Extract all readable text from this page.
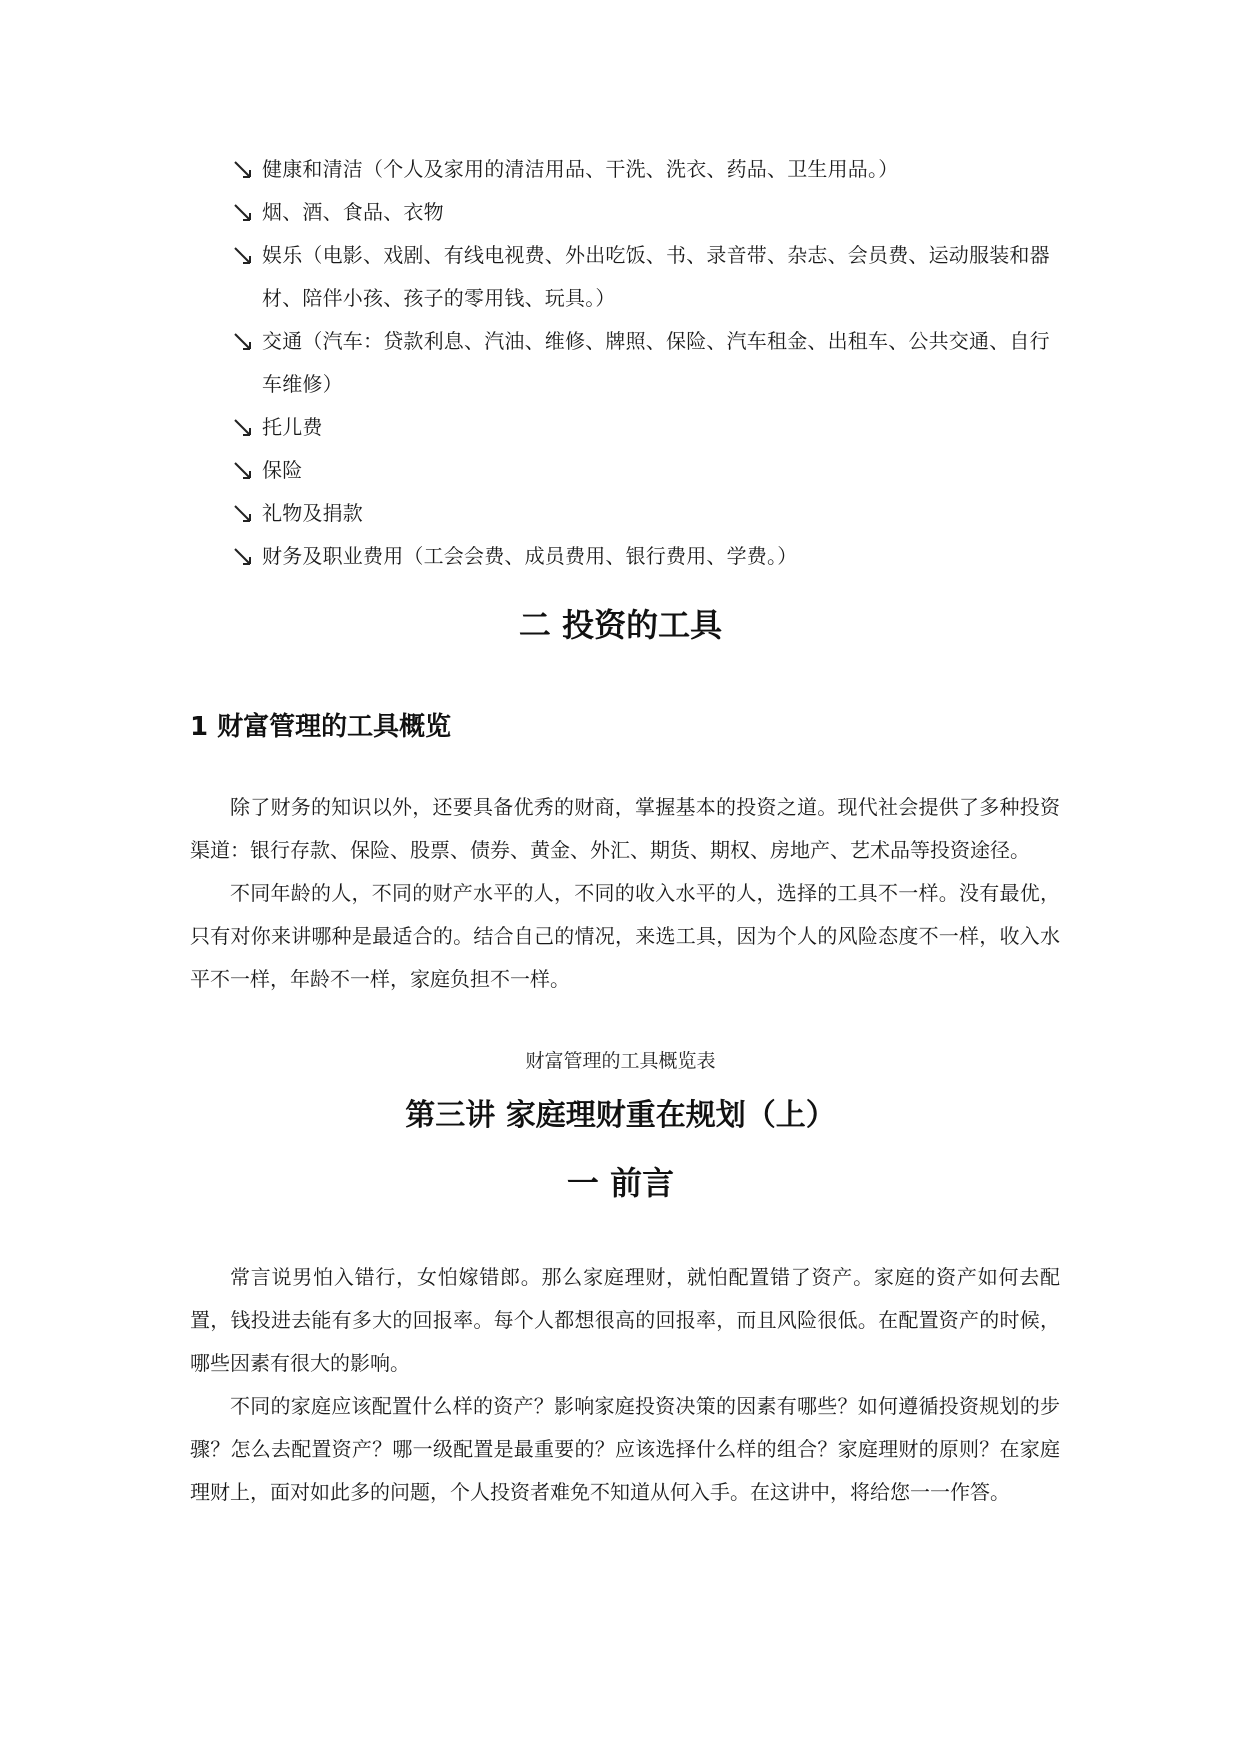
健康和清洁（个人及家用的清洁用品、干洗、洗衣、药品、卫生用品。）
烟、酒、食品、衣物
娱乐（电影、戏剧、有线电视费、外出吃饭、书、录音带、杂志、会员费、运动服装和器材、陪伴小孩、孩子的零用钱、玩具。）
交通（汽车：贷款利息、汽油、维修、牌照、保险、汽车租金、出租车、公共交通、自行车维修）
托儿费
保险
礼物及捐款
财务及职业费用（工会会费、成员费用、银行费用、学费。）
二 投资的工具
1 财富管理的工具概览

除了财务的知识以外，还要具备优秀的财商，掌握基本的投资之道。现代社会提供了多种投资渠道：银行存款、保险、股票、债券、黄金、外汇、期货、期权、房地产、艺术品等投资途径。

不同年龄的人，不同的财产水平的人，不同的收入水平的人，选择的工具不一样。没有最优，只有对你来讲哪种是最适合的。结合自己的情况，来选工具，因为个人的风险态度不一样，收入水平不一样，年龄不一样，家庭负担不一样。

财富管理的工具概览表
第三讲 家庭理财重在规划（上）
一 前言

常言说男怕入错行，女怕嫁错郎。那么家庭理财，就怕配置错了资产。家庭的资产如何去配置，钱投进去能有多大的回报率。每个人都想很高的回报率，而且风险很低。在配置资产的时候，哪些因素有很大的影响。

不同的家庭应该配置什么样的资产？影响家庭投资决策的因素有哪些？如何遵循投资规划的步骤？怎么去配置资产？哪一级配置是最重要的？应该选择什么样的组合？家庭理财的原则？在家庭理财上，面对如此多的问题，个人投资者难免不知道从何入手。在这讲中，将给您一一作答。
